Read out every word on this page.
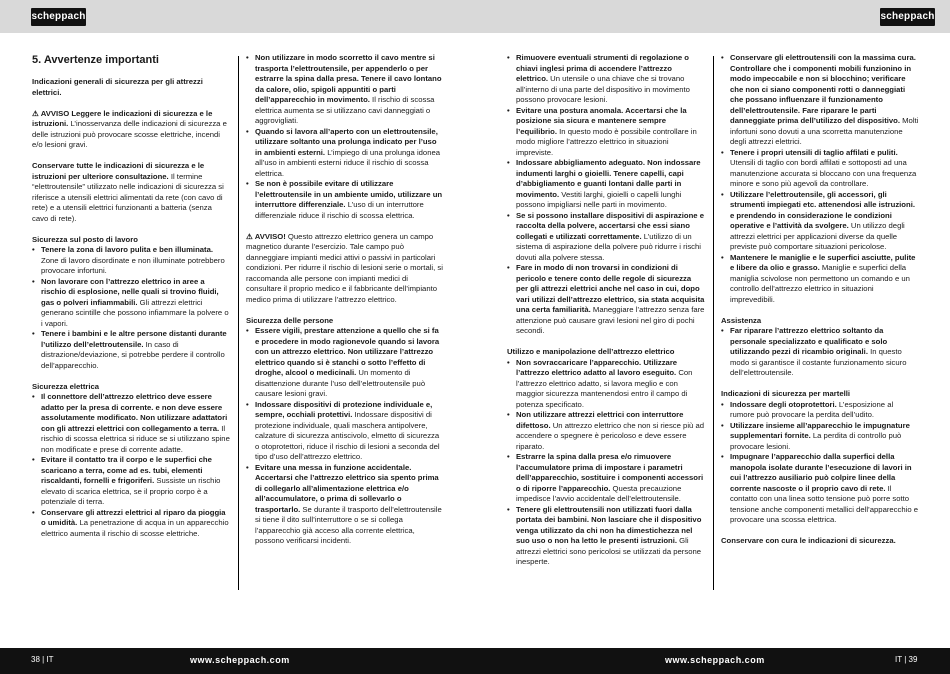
scheppach	scheppach
5. Avvertenze importanti
Indicazioni generali di sicurezza per gli attrezzi elettrici.
⚠ AVVISO Leggere le indicazioni di sicurezza e le istruzioni. L’inosservanza delle indicazioni di sicurezza e delle istruzioni può provocare scosse elettriche, incendi e/o lesioni gravi.
Conservare tutte le indicazioni di sicurezza e le istruzioni per ulteriore consultazione. Il termine “elettroutensile” utilizzato nelle indicazioni di sicurezza si riferisce a utensili elettrici alimentati da rete (con cavo di rete) e a utensili elettrici funzionanti a batteria (senza cavo di rete).
Sicurezza sul posto di lavoro
• Tenere la zona di lavoro pulita e ben illuminata. Zone di lavoro disordinate e non illuminate potrebbero provocare infortuni.
• Non lavorare con l’attrezzo elettrico in aree a rischio di esplosione, nelle quali si trovino fluidi, gas o polveri infiammabili. Gli attrezzi elettrici generano scintille che possono infiammare la polvere o i vapori.
• Tenere i bambini e le altre persone distanti durante l’utilizzo dell’elettroutensile. In caso di distrazione/deviazione, si potrebbe perdere il controllo dell’apparecchio.
Sicurezza elettrica
• Il connettore dell’attrezzo elettrico deve essere adatto per la presa di corrente. e non deve essere assolutamente modificato. Non utilizzare adattatori con gli attrezzi elettrici con collegamento a terra. Il rischio di scossa elettrica si riduce se si utilizzano spine non modificate e prese di corrente adatte.
• Evitare il contatto tra il corpo e le superfici che scaricano a terra, come ad es. tubi, elementi riscaldanti, fornelli e frigoriferi. Sussiste un rischio elevato di scarica elettrica, se il proprio corpo è a potenziale di terra.
• Conservare gli attrezzi elettrici al riparo da pioggia o umidità. La penetrazione di acqua in un apparecchio elettrico aumenta il rischio di scosse elettriche.
• Non utilizzare in modo scorretto il cavo mentre si trasporta l’elettroutensile, per appenderlo o per estrarre la spina dalla presa. Tenere il cavo lontano da calore, olio, spigoli appuntiti o parti dell’apparecchio in movimento. Il rischio di scossa elettrica aumenta se si utilizzano cavi danneggiati o aggrovigliati.
• Quando si lavora all’aperto con un elettroutensile, utilizzare soltanto una prolunga indicato per l’uso in ambienti esterni. L’impiego di una prolunga idonea all’uso in ambienti esterni riduce il rischio di scossa elettrica.
• Se non è possibile evitare di utilizzare l’elettroutensile in un ambiente umido, utilizzare un interruttore differenziale. L’uso di un interruttore differenziale riduce il rischio di scossa elettrica.
⚠ AVVISO! Questo attrezzo elettrico genera un campo magnetico durante l’esercizio. Tale campo può danneggiare impianti medici attivi o passivi in particolari condizioni. Per ridurre il rischio di lesioni serie o mortali, si raccomanda alle persone con impianti medici di consultare il proprio medico e il fabbricante dell’impianto medico prima di utilizzare l’attrezzo elettrico.
Sicurezza delle persone
• Essere vigili, prestare attenzione a quello che si fa e procedere in modo ragionevole quando si lavora con un attrezzo elettrico. Non utilizzare l’attrezzo elettrico quando si è stanchi o sotto l’effetto di droghe, alcool o medicinali. Un momento di disattenzione durante l’uso dell’elettroutensile può causare lesioni gravi.
• Indossare dispositivi di protezione individuale e, sempre, occhiali protettivi. Indossare dispositivi di protezione individuale, quali maschera antipolvere, calzature di sicurezza antiscivolo, elmetto di sicurezza o otoprotettori, riduce il rischio di lesioni a seconda del tipo d’uso dell’attrezzo elettrico.
• Evitare una messa in funzione accidentale. Accertarsi che l’attrezzo elettrico sia spento prima di collegarlo all’alimentazione elettrica e/o all’accumulatore, o prima di sollevarlo o trasportarlo. Se durante il trasporto dell’elettroutensile si tiene il dito sull’interruttore o se si collega l’apparecchio già acceso alla corrente elettrica, possono verificarsi incidenti.
• Rimuovere eventuali strumenti di regolazione o chiavi inglesi prima di accendere l’attrezzo elettrico. Un utensile o una chiave che si trovano all’interno di una parte del dispositivo in movimento possono provocare lesioni.
• Evitare una postura anomala. Accertarsi che la posizione sia sicura e mantenere sempre l’equilibrio. In questo modo è possibile controllare in modo migliore l’attrezzo elettrico in situazioni impreviste.
• Indossare abbigliamento adeguato. Non indossare indumenti larghi o gioielli. Tenere capelli, capi d’abbigliamento e guanti lontani dalle parti in movimento. Vestiti larghi, gioielli o capelli lunghi possono impigliarsi nelle parti in movimento.
• Se si possono installare dispositivi di aspirazione e raccolta della polvere, accertarsi che essi siano collegati e utilizzati correttamente. L’utilizzo di un sistema di aspirazione della polvere può ridurre i rischi dovuti alla polvere stessa.
• Fare in modo di non trovarsi in condizioni di pericolo e tenere conto delle regole di sicurezza per gli attrezzi elettrici anche nel caso in cui, dopo vari utilizzi dell’attrezzo elettrico, sia stata acquisita una certa familiarità. Maneggiare l’attrezzo senza fare attenzione può causare gravi lesioni nel giro di pochi secondi.
Utilizzo e manipolazione dell’attrezzo elettrico
• Non sovraccaricare l’apparecchio. Utilizzare l’attrezzo elettrico adatto al lavoro eseguito. Con l’attrezzo elettrico adatto, si lavora meglio e con maggior sicurezza mantenendosi entro il campo di potenza specificato.
• Non utilizzare attrezzi elettrici con interruttore difettoso. Un attrezzo elettrico che non si riesce più ad accendere o spegnere è pericoloso e deve essere riparato.
• Estrarre la spina dalla presa e/o rimuovere l’accumulatore prima di impostare i parametri dell’apparecchio, sostituire i componenti accessori o di riporre l’apparecchio. Questa precauzione impedisce l’avvio accidentale dell’elettroutensile.
• Tenere gli elettroutensili non utilizzati fuori dalla portata dei bambini. Non lasciare che il dispositivo venga utilizzato da chi non ha dimestichezza nel suo uso o non ha letto le presenti istruzioni. Gli attrezzi elettrici sono pericolosi se utilizzati da persone inesperte.
• Conservare gli elettroutensili con la massima cura. Controllare che i componenti mobili funzionino in modo impeccabile e non si blocchino; verificare che non ci siano componenti rotti o danneggiati che possano influenzare il funzionamento dell’elettroutensile. Fare riparare le parti danneggiate prima dell’utilizzo del dispositivo. Molti infortuni sono dovuti a una scorretta manutenzione degli attrezzi elettrici.
• Tenere i propri utensili di taglio affilati e puliti. Utensili di taglio con bordi affilati e sottoposti ad una manutenzione accurata si bloccano con una frequenza minore e sono più agevoli da controllare.
• Utilizzare l’elettroutensile, gli accessori, gli strumenti impiegati etc. attenendosi alle istruzioni. e prendendo in considerazione le condizioni operative e l’attività da svolgere. Un utilizzo degli attrezzi elettrici per applicazioni diverse da quelle previste può comportare situazioni pericolose.
• Mantenere le maniglie e le superfici asciutte, pulite e libere da olio e grasso. Maniglie e superfici della maniglia scivolose non permettono un comando e un controllo dell’attrezzo elettrico in situazioni imprevedibili.
Assistenza
• Far riparare l’attrezzo elettrico soltanto da personale specializzato e qualificato e solo utilizzando pezzi di ricambio originali. In questo modo si garantisce il costante funzionamento sicuro dell’elettroutensile.
Indicazioni di sicurezza per martelli
• Indossare degli otoprotettori. L’esposizione al rumore può provocare la perdita dell’udito.
• Utilizzare insieme all’apparecchio le impugnature supplementari fornite. La perdita di controllo può provocare lesioni.
• Impugnare l’apparecchio dalla superfici della manopola isolate durante l’esecuzione di lavori in cui l’attrezzo ausiliario può colpire linee della corrente nascoste o il proprio cavo di rete. Il contatto con una linea sotto tensione può porre sotto tensione anche componenti metallici dell’apparecchio e provocare una scossa elettrica.
Conservare con cura le indicazioni di sicurezza.
38 | IT	www.scheppach.com	www.scheppach.com	IT | 39
